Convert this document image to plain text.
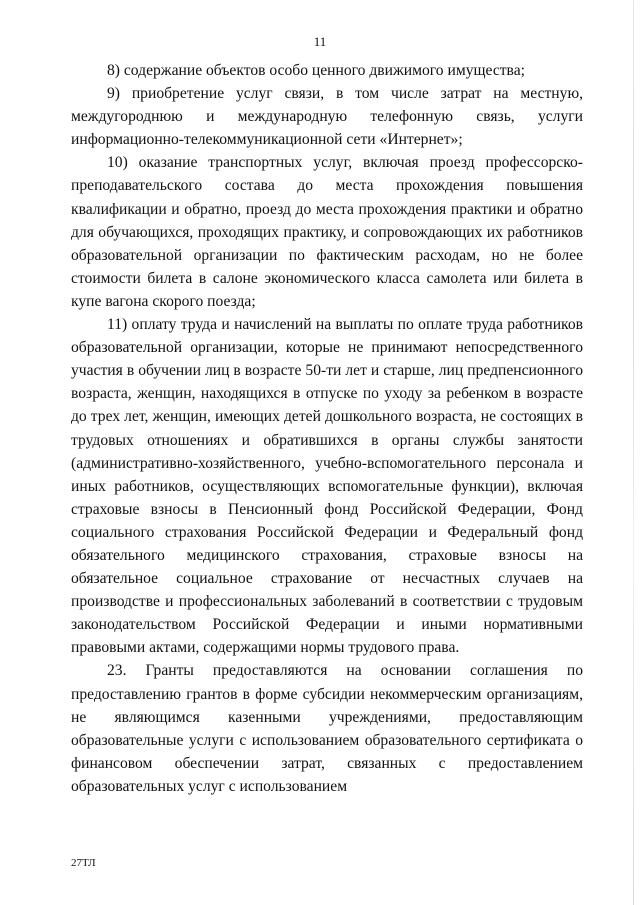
11

8) содержание объектов особо ценного движимого имущества;

9) приобретение услуг связи, в том числе затрат на местную, междугороднюю и международную телефонную связь, услуги информационно-телекоммуникационной сети «Интернет»;

10) оказание транспортных услуг, включая проезд профессорско-преподавательского состава до места прохождения повышения квалификации и обратно, проезд до места прохождения практики и обратно для обучающихся, проходящих практику, и сопровождающих их работников образовательной организации по фактическим расходам, но не более стоимости билета в салоне экономического класса самолета или билета в купе вагона скорого поезда;

11) оплату труда и начислений на выплаты по оплате труда работников образовательной организации, которые не принимают непосредственного участия в обучении лиц в возрасте 50-ти лет и старше, лиц предпенсионного возраста, женщин, находящихся в отпуске по уходу за ребенком в возрасте до трех лет, женщин, имеющих детей дошкольного возраста, не состоящих в трудовых отношениях и обратившихся в органы службы занятости (административно-хозяйственного, учебно-вспомогательного персонала и иных работников, осуществляющих вспомогательные функции), включая страховые взносы в Пенсионный фонд Российской Федерации, Фонд социального страхования Российской Федерации и Федеральный фонд обязательного медицинского страхования, страховые взносы на обязательное социальное страхование от несчастных случаев на производстве и профессиональных заболеваний в соответствии с трудовым законодательством Российской Федерации и иными нормативными правовыми актами, содержащими нормы трудового права.

23. Гранты предоставляются на основании соглашения по предоставлению грантов в форме субсидии некоммерческим организациям, не являющимся казенными учреждениями, предоставляющим образовательные услуги с использованием образовательного сертификата о финансовом обеспечении затрат, связанных с предоставлением образовательных услуг с использованием

27ТЛ
